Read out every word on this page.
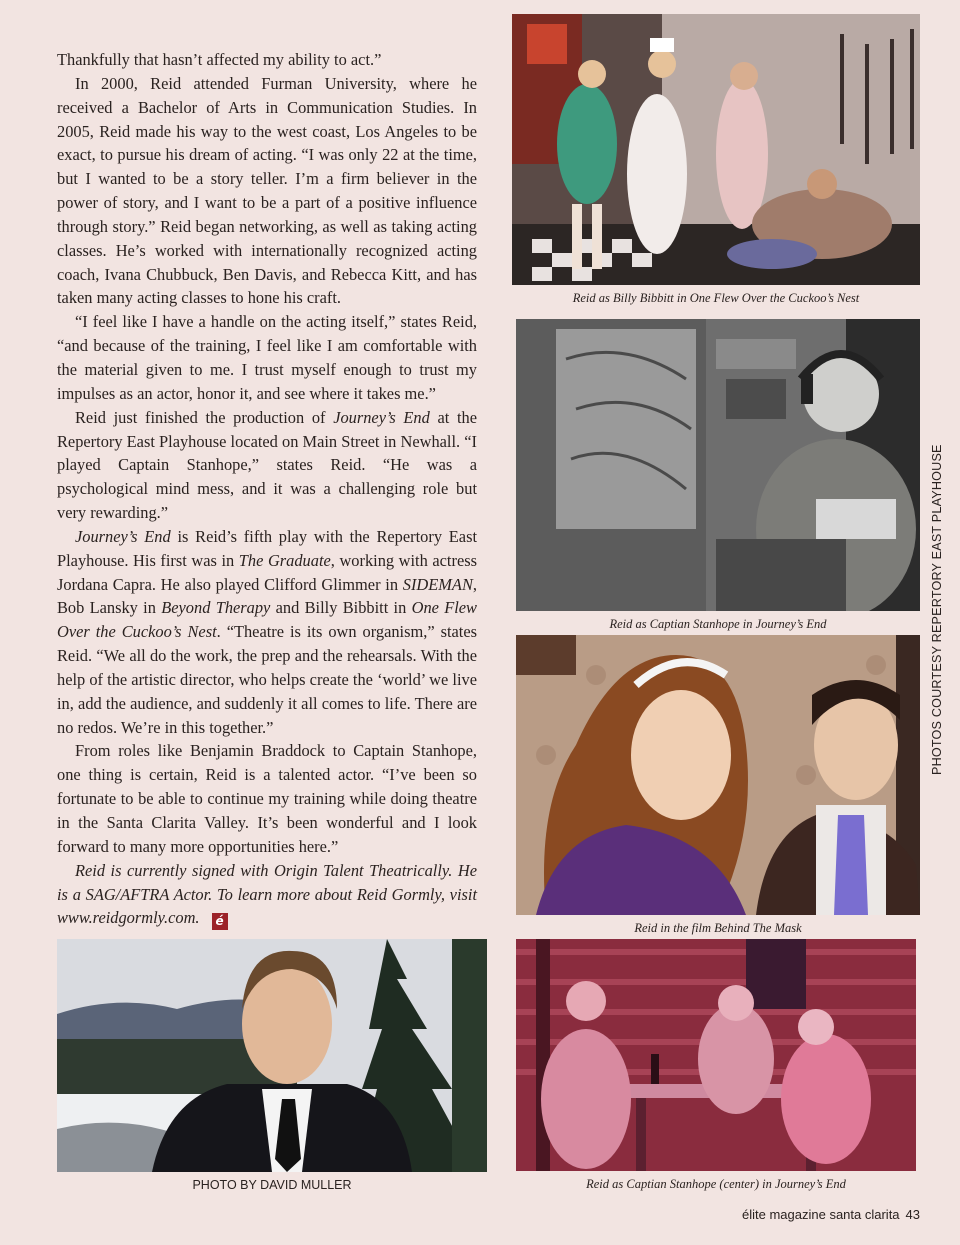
Thankfully that hasn’t affected my ability to act.”

In 2000, Reid attended Furman University, where he received a Bachelor of Arts in Communication Studies. In 2005, Reid made his way to the west coast, Los Angeles to be exact, to pursue his dream of acting. “I was only 22 at the time, but I wanted to be a story teller. I’m a firm believer in the power of story, and I want to be a part of a positive influence through story.” Reid began networking, as well as taking acting classes. He’s worked with internationally recognized acting coach, Ivana Chubbuck, Ben Davis, and Rebecca Kitt, and has taken many acting classes to hone his craft.

“I feel like I have a handle on the acting itself,” states Reid, “and because of the training, I feel like I am comfortable with the material given to me. I trust myself enough to trust my impulses as an actor, honor it, and see where it takes me.”

Reid just finished the production of Journey’s End at the Repertory East Playhouse located on Main Street in Newhall. “I played Captain Stanhope,” states Reid. “He was a psychological mind mess, and it was a challenging role but very rewarding.”

Journey’s End is Reid’s fifth play with the Repertory East Playhouse. His first was in The Graduate, working with actress Jordana Capra. He also played Clifford Glimmer in SIDEMAN, Bob Lansky in Beyond Therapy and Billy Bibbitt in One Flew Over the Cuckoo’s Nest. “Theatre is its own organism,” states Reid. “We all do the work, the prep and the rehearsals. With the help of the artistic director, who helps create the ‘world’ we live in, add the audience, and suddenly it all comes to life. There are no redos. We’re in this together.”

From roles like Benjamin Braddock to Captain Stanhope, one thing is certain, Reid is a talented actor. “I’ve been so fortunate to be able to continue my training while doing theatre in the Santa Clarita Valley. It’s been wonderful and I look forward to many more opportunities here.”

Reid is currently signed with Origin Talent Theatrically. He is a SAG/AFTRA Actor. To learn more about Reid Gormly, visit www.reidgormly.com. é

Reid as Billy Bibbitt in One Flew Over the Cuckoo’s Nest
Reid as Captian Stanhope in Journey’s End
Reid in the film Behind The Mask
Reid as Captian Stanhope (center) in Journey’s End
PHOTO BY DAVID MULLER
PHOTOS COURTESY REPERTORY EAST PLAYHOUSE
élite magazine santa clarita 43
